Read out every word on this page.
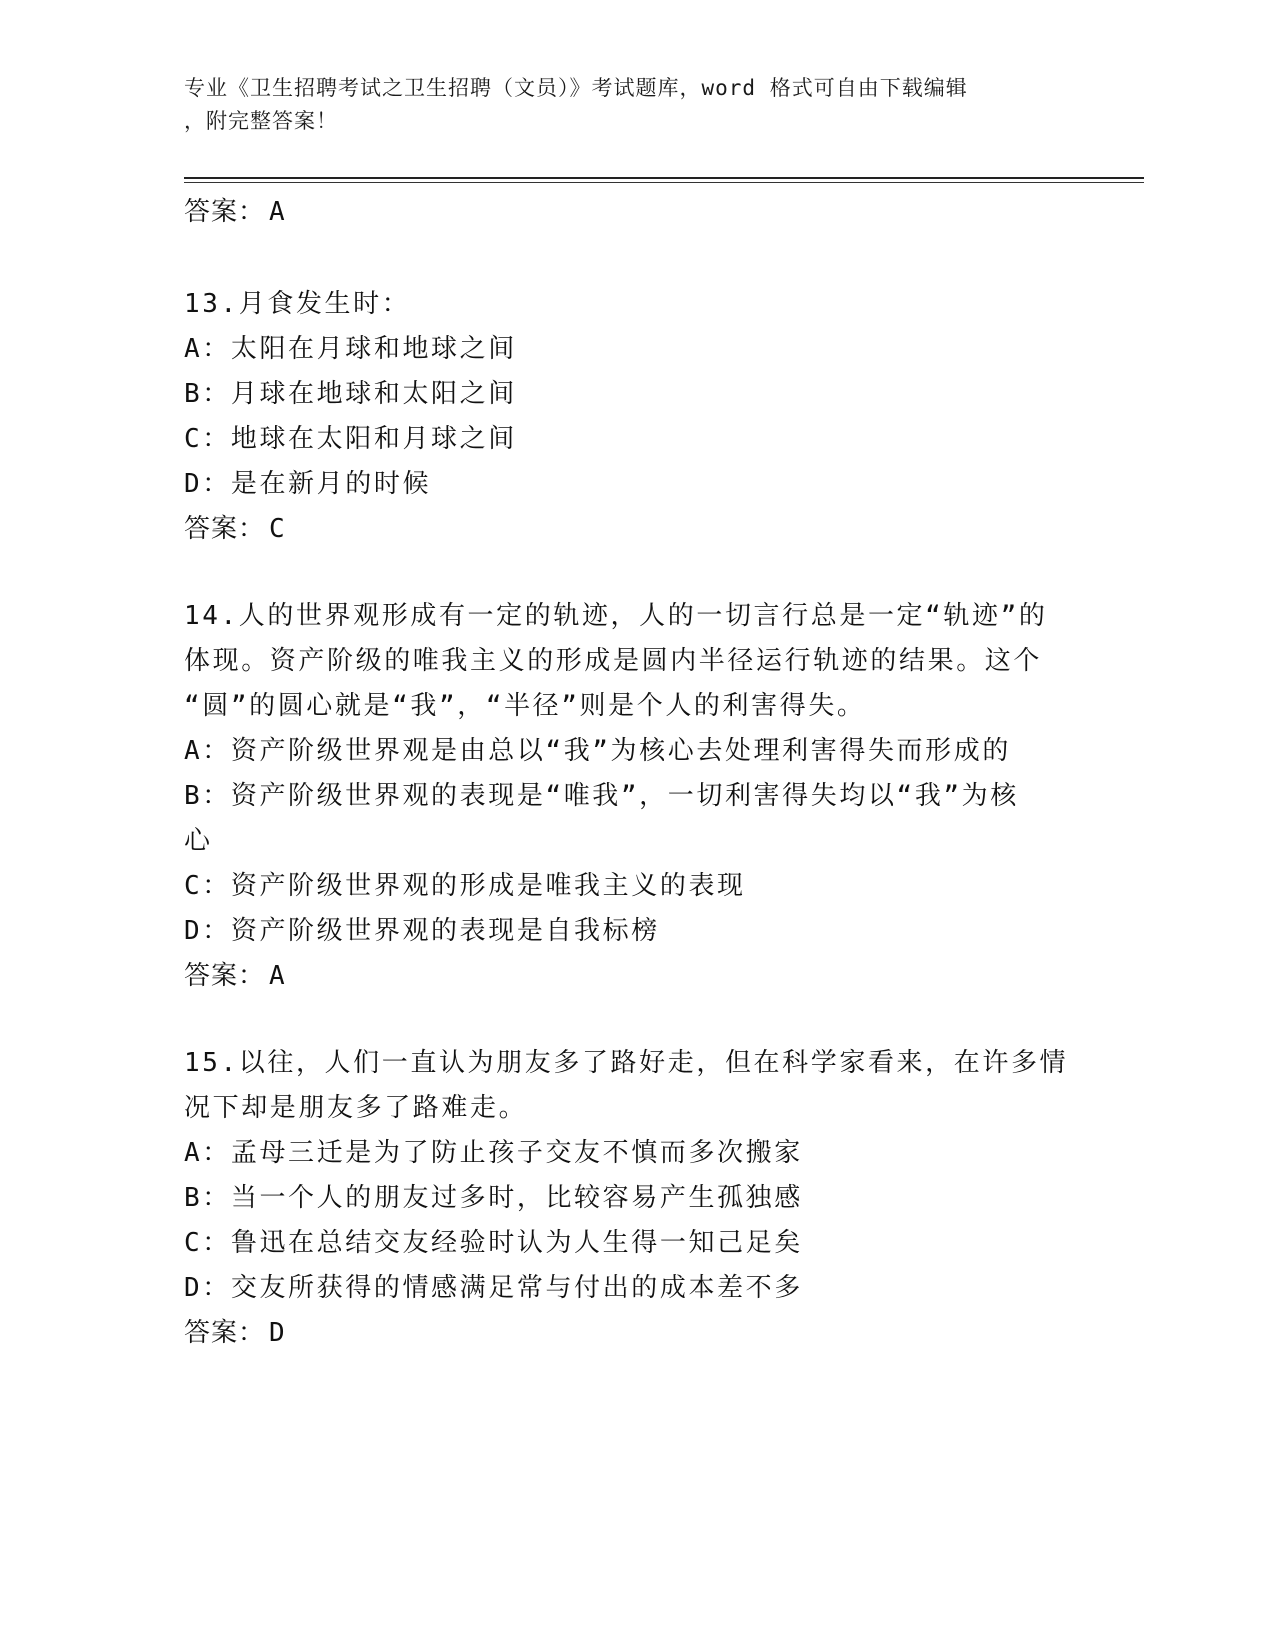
专业《卫生招聘考试之卫生招聘（文员）》考试题库，word 格式可自由下载编辑
，附完整答案！
答案： A
13.月食发生时：
A：太阳在月球和地球之间
B：月球在地球和太阳之间
C：地球在太阳和月球之间
D：是在新月的时候
答案： C
14.人的世界观形成有一定的轨迹，人的一切言行总是一定“轨迹”的
体现。资产阶级的唯我主义的形成是圆内半径运行轨迹的结果。这个
“圆”的圆心就是“我”，“半径”则是个人的利害得失。
A：资产阶级世界观是由总以“我”为核心去处理利害得失而形成的
B：资产阶级世界观的表现是“唯我”，一切利害得失均以“我”为核
心
C：资产阶级世界观的形成是唯我主义的表现
D：资产阶级世界观的表现是自我标榜
答案： A
15.以往，人们一直认为朋友多了路好走，但在科学家看来，在许多情
况下却是朋友多了路难走。
A：孟母三迁是为了防止孩子交友不慎而多次搬家
B：当一个人的朋友过多时，比较容易产生孤独感
C：鲁迅在总结交友经验时认为人生得一知己足矣
D：交友所获得的情感满足常与付出的成本差不多
答案： D
